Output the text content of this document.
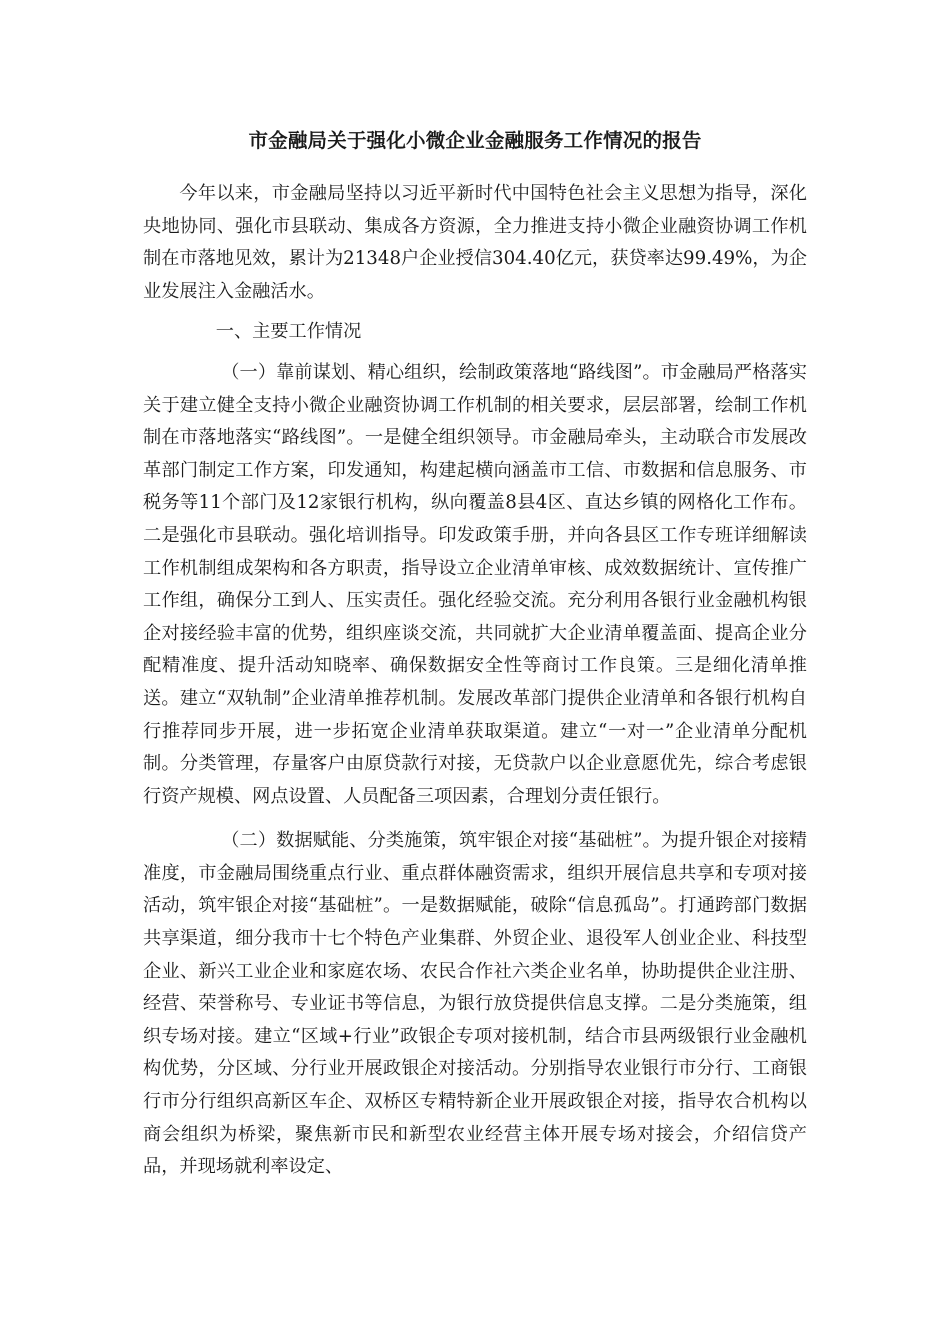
市金融局关于强化小微企业金融服务工作情况的报告

今年以来，市金融局坚持以习近平新时代中国特色社会主义思想为指导，深化央地协同、强化市县联动、集成各方资源，全力推进支持小微企业融资协调工作机制在市落地见效，累计为21348户企业授信304.40亿元，获贷率达99.49%，为企业发展注入金融活水。

一、主要工作情况

（一）靠前谋划、精心组织，绘制政策落地“路线图”。市金融局严格落实关于建立健全支持小微企业融资协调工作机制的相关要求，层层部署，绘制工作机制在市落地落实“路线图”。一是健全组织领导。市金融局牵头，主动联合市发展改革部门制定工作方案，印发通知，构建起横向涵盖市工信、市数据和信息服务、市税务等11个部门及12家银行机构，纵向覆盖8县4区、直达乡镇的网格化工作布。二是强化市县联动。强化培训指导。印发政策手册，并向各县区工作专班详细解读工作机制组成架构和各方职责，指导设立企业清单审核、成效数据统计、宣传推广工作组，确保分工到人、压实责任。强化经验交流。充分利用各银行业金融机构银企对接经验丰富的优势，组织座谈交流，共同就扩大企业清单覆盖面、提高企业分配精准度、提升活动知晓率、确保数据安全性等商讨工作良策。三是细化清单推送。建立“双轨制”企业清单推荐机制。发展改革部门提供企业清单和各银行机构自行推荐同步开展，进一步拓宽企业清单获取渠道。建立“一对一”企业清单分配机制。分类管理，存量客户由原贷款行对接，无贷款户以企业意愿优先，综合考虑银行资产规模、网点设置、人员配备三项因素，合理划分责任银行。

（二）数据赋能、分类施策，筑牢银企对接“基础桩”。为提升银企对接精准度，市金融局围绕重点行业、重点群体融资需求，组织开展信息共享和专项对接活动，筑牢银企对接“基础桩”。一是数据赋能，破除“信息孤岛”。打通跨部门数据共享渠道，细分我市十七个特色产业集群、外贸企业、退役军人创业企业、科技型企业、新兴工业企业和家庭农场、农民合作社六类企业名单，协助提供企业注册、经营、荣誉称号、专业证书等信息，为银行放贷提供信息支撑。二是分类施策，组织专场对接。建立“区域+行业”政银企专项对接机制，结合市县两级银行业金融机构优势，分区域、分行业开展政银企对接活动。分别指导农业银行市分行、工商银行市分行组织高新区车企、双桥区专精特新企业开展政银企对接，指导农合机构以商会组织为桥梁，聚焦新市民和新型农业经营主体开展专场对接会，介绍信贷产品，并现场就利率设定、
